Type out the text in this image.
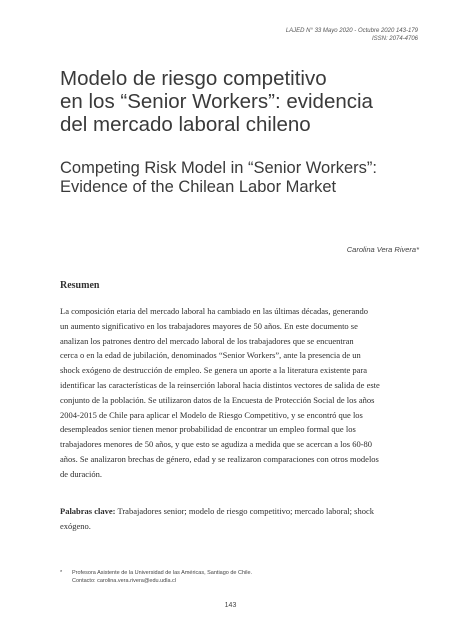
LAJED N° 33 Mayo 2020 - Octubre 2020 143-179
ISSN: 2074-4706
Modelo de riesgo competitivo
en los “Senior Workers”: evidencia
del mercado laboral chileno
Competing Risk Model in “Senior Workers”:
Evidence of the Chilean Labor Market
Carolina Vera Rivera*
Resumen
La composición etaria del mercado laboral ha cambiado en las últimas décadas, generando
un aumento significativo en los trabajadores mayores de 50 años. En este documento se
analizan los patrones dentro del mercado laboral de los trabajadores que se encuentran
cerca o en la edad de jubilación, denominados “Senior Workers”, ante la presencia de un
shock exógeno de destrucción de empleo. Se genera un aporte a la literatura existente para
identificar las características de la reinserción laboral hacia distintos vectores de salida de este
conjunto de la población. Se utilizaron datos de la Encuesta de Protección Social de los años
2004-2015 de Chile para aplicar el Modelo de Riesgo Competitivo, y se encontró que los
desempleados senior tienen menor probabilidad de encontrar un empleo formal que los
trabajadores menores de 50 años, y que esto se agudiza a medida que se acercan a los 60-80
años. Se analizaron brechas de género, edad y se realizaron comparaciones con otros modelos
de duración.
Palabras clave: Trabajadores senior; modelo de riesgo competitivo; mercado laboral; shock
exógeno.
* Profesora Asistente de la Universidad de las Américas, Santiago de Chile.
Contacto: carolina.vera.rivera@edu.udla.cl
143
